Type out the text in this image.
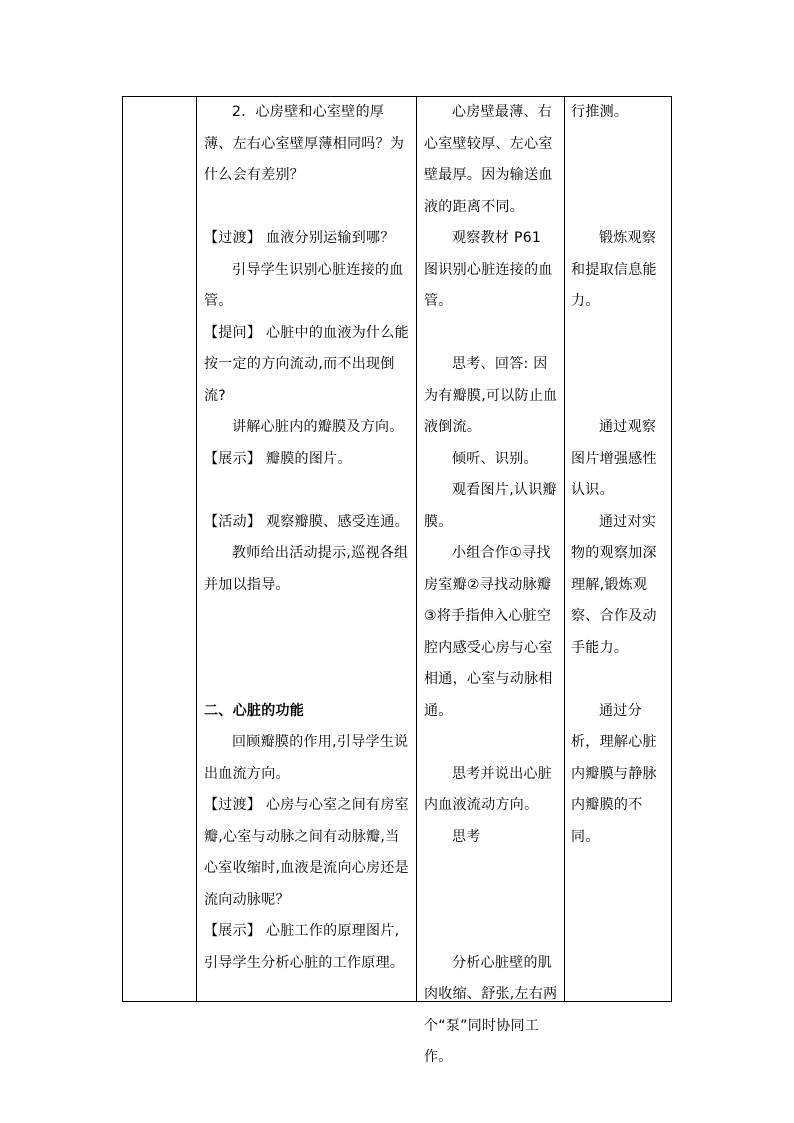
2．心房壁和心室壁的厚薄、左右心室壁厚薄相同吗？为什么会有差别？
【过渡】 血液分别运输到哪？
引导学生识别心脏连接的血管。
【提问】 心脏中的血液为什么能按一定的方向流动,而不出现倒流?
讲解心脏内的瓣膜及方向。
【展示】 瓣膜的图片。
【活动】 观察瓣膜、感受连通。
教师给出活动提示,巡视各组并加以指导。
二、心脏的功能
回顾瓣膜的作用,引导学生说出血流方向。
【过渡】 心房与心室之间有房室瓣,心室与动脉之间有动脉瓣,当心室收缩时,血液是流向心房还是流向动脉呢？
【展示】 心脏工作的原理图片,引导学生分析心脏的工作原理。
心房壁最薄、右心室壁较厚、左心室壁最厚。因为输送血液的距离不同。
观察教材 P61 图识别心脏连接的血管。
思考、回答: 因为有瓣膜,可以防止血液倒流。
倾听、识别。
观看图片,认识瓣膜。
小组合作①寻找房室瓣②寻找动脉瓣③将手指伸入心脏空腔内感受心房与心室相通，心室与动脉相通。
思考并说出心脏内血液流动方向。
思考
分析心脏壁的肌肉收缩、舒张,左右两个“泵”同时协同工作。
行推测。
锻炼观察和提取信息能力。
通过观察图片增强感性认识。
通过对实物的观察加深理解,锻炼观察、合作及动手能力。
通过分析，理解心脏内瓣膜与静脉内瓣膜的不同。
